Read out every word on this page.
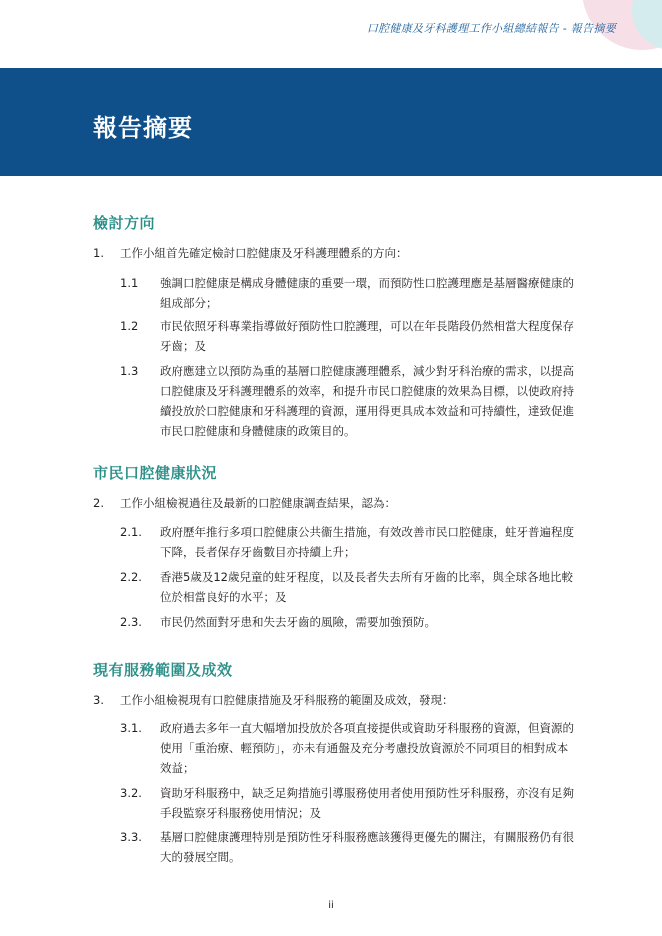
口腔健康及牙科護理工作小組總結報告 - 報告摘要
報告摘要
檢討方向
1. 工作小組首先確定檢討口腔健康及牙科護理體系的方向：
1.1 強調口腔健康是構成身體健康的重要一環，而預防性口腔護理應是基層醫療健康的組成部分；
1.2 市民依照牙科專業指導做好預防性口腔護理，可以在年長階段仍然相當大程度保存牙齒；及
1.3 政府應建立以預防為重的基層口腔健康護理體系，減少對牙科治療的需求，以提高口腔健康及牙科護理體系的效率，和提升市民口腔健康的效果為目標，以使政府持續投放於口腔健康和牙科護理的資源，運用得更具成本效益和可持續性，達致促進市民口腔健康和身體健康的政策目的。
市民口腔健康狀況
2. 工作小組檢視過往及最新的口腔健康調查結果，認為：
2.1. 政府歷年推行多項口腔健康公共衞生措施，有效改善市民口腔健康，蛀牙普遍程度下降，長者保存牙齒數目亦持續上升；
2.2. 香港5歲及12歲兒童的蛀牙程度，以及長者失去所有牙齒的比率，與全球各地比較位於相當良好的水平；及
2.3. 市民仍然面對牙患和失去牙齒的風險，需要加強預防。
現有服務範圍及成效
3. 工作小組檢視現有口腔健康措施及牙科服務的範圍及成效，發現：
3.1. 政府過去多年一直大幅增加投放於各項直接提供或資助牙科服務的資源，但資源的使用「重治療、輕預防」，亦未有通盤及充分考慮投放資源於不同項目的相對成本效益；
3.2. 資助牙科服務中，缺乏足夠措施引導服務使用者使用預防性牙科服務，亦沒有足夠手段監察牙科服務使用情況；及
3.3. 基層口腔健康護理特別是預防性牙科服務應該獲得更優先的關注，有關服務仍有很大的發展空間。
ii
